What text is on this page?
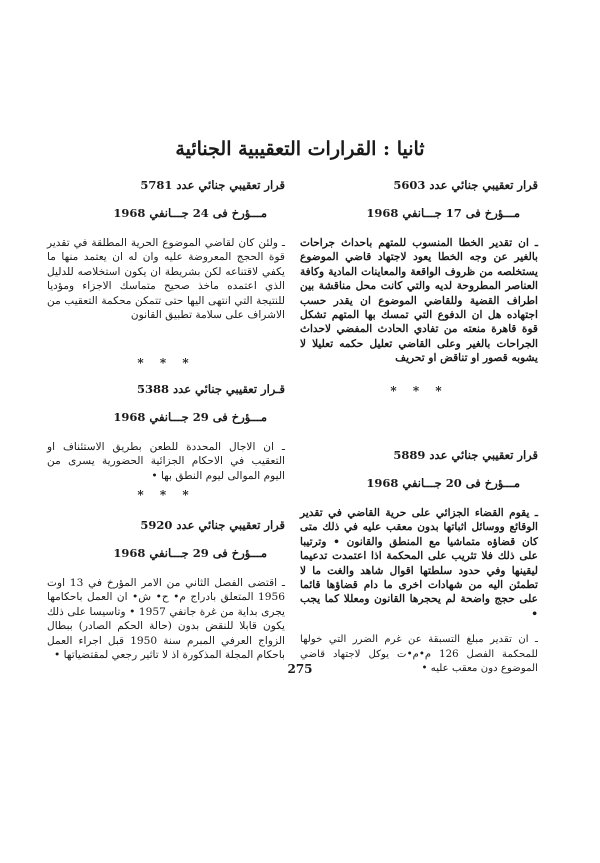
ثانيا : القرارات التعقيبية الجنائية

قرار تعقيبي جنائي عدد 5603

مـــؤرخ فى 17 جـــانفي 1968

ـ ان تقدير الخطا المنسوب للمتهم باحداث جراحات بالغير عن وجه الخطا يعود لاجتهاد قاضي الموضوع يستخلصه من ظروف الواقعة والمعاينات المادية وكافة العناصر المطروحة لديه والتي كانت محل مناقشة بين اطراف القضية وللقاضي الموضوع ان يقدر حسب اجتهاده هل ان الدفوع التي تمسك بها المتهم تشكل قوة قاهرة منعته من تفادي الحادث المفضي لاحداث الجراحات بالغير وعلى القاضي تعليل حكمه تعليلا لا يشوبه قصور او تناقض او تحريف

* * *

قرار تعقيبي جنائي عدد 5889

مـــؤرخ فى 20 جـــانفي 1968

ـ يقوم القضاء الجزائي على حرية القاضي في تقدير الوقائع ووسائل اثباتها بدون معقب عليه في ذلك متى كان قضاؤه متماشيا مع المنطق والقانون • وترتيبا على ذلك فلا تثريب على المحكمة اذا اعتمدت تدعيما ليقينها وفي حدود سلطتها اقوال شاهد والغت ما لا تطمئن اليه من شهادات اخرى ما دام قضاؤها قائما على حجج واضحة لم يحجرها القانون ومعللا كما يجب •

ـ ان تقدير مبلغ التسبقة عن غرم الضرر التي خولها للمحكمة الفصل 126 م•م•ت يوكل لاجتهاد قاضي الموضوع دون معقب عليه •

قرار تعقيبي جنائي عدد 5781

مـــؤرخ فى 24 جـــانفي 1968

ـ ولئن كان لقاضي الموضوع الحرية المطلقة في تقدير قوة الحجج المعروضة عليه وان له ان يعتمد منها ما يكفي لاقتناعه لكن بشريطة ان يكون استخلاصه للدليل الذي اعتمده ماخذ صحيح متماسك الاجزاء ومؤديا للنتيجة التي انتهى اليها حتى تتمكن محكمة التعقيب من الاشراف على سلامة تطبيق القانون

* * *

قـرار تعقيبي جنائي عدد 5388

مـــؤرخ فى 29 جـــانفي 1968

ـ ان الاجال المحددة للطعن بطريق الاستئناف او التعقيب في الاحكام الجزائية الحضورية يسرى من اليوم الموالى ليوم النطق بها •

* * *

قرار تعقيبي جنائي عدد 5920

مـــؤرخ فى 29 جـــانفي 1968

ـ اقتضى الفصل الثاني من الامر المؤرخ في 13 اوت 1956 المتعلق بادراج م• ح• ش• ان العمل باحكامها يجرى بداية من غرة جانفي 1957 • وتاسيسا على ذلك يكون قابلا للنقض بدون (حالة الحكم الصادر) ببطال الزواج العرفي المبرم سنة 1950 قبل اجراء العمل باحكام المجلة المذكورة اذ لا تاثير رجعي لمقتضياتها •

275
